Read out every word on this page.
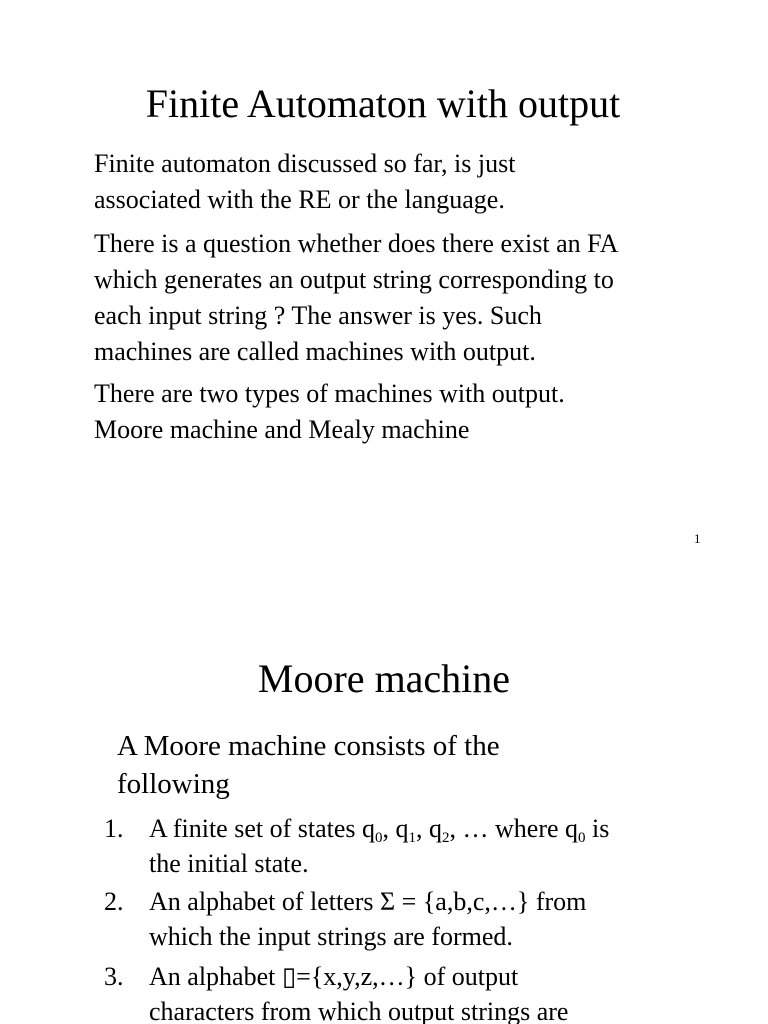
Finite Automaton with output

Finite automaton discussed so far, is just
associated with the RE or the language.

There is a question whether does there exist an FA
which generates an output string corresponding to
each input string ? The answer is yes. Such
machines are called machines with output.

There are two types of machines with output.
Moore machine and Mealy machine

1
Moore machine
A Moore machine consists of the
following
1. A finite set of states $q_0$, $q_1$, $q_2$, … where $q_0$ is
the initial state.
2. An alphabet of letters Σ = {a,b,c,…} from
which the input strings are formed.
3. An alphabet ▯={x,y,z,…} of output
characters from which output strings are
